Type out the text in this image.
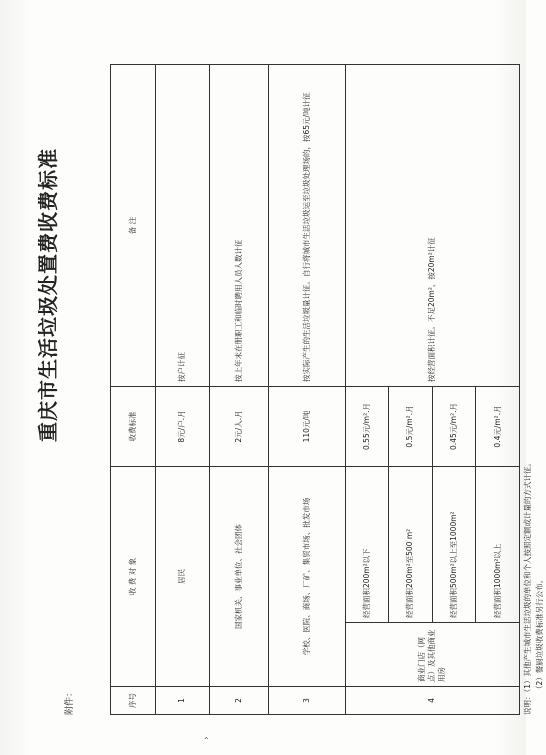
重庆市生活垃圾处置费收费标准
附件：	序号	收 费 对 象		收费标准	备 注
1	居民		8元/户.月	按户计征
2	国家机关、事业单位、社会团体		2元/人.月	按上年末在册职工和临时聘用人员人数计征
3	学校、医院、商场、厂矿、集贸市场、批发市场		110元/吨	按实际产生的生活垃圾量计征。自行将城市生活垃圾运至垃圾处理场的，按65元/吨计征
4	商业门店（网点）及其他商业用房	经营面积200m²以下	0.55元/m².月	按经营面积计征。不足20m²，按20m²计征
		经营面积200m²至500 m²	0.5元/m².月	
		经营面积500m²以上至1000m²	0.45元/m².月	
		经营面积1000m²以上	0.4元/m².月	
说明：（1）其他产生城市生活垃圾的单位和个人按照定额或计量的方式计征。 （2）餐厨垃圾收费标准另行公布。
⌃
